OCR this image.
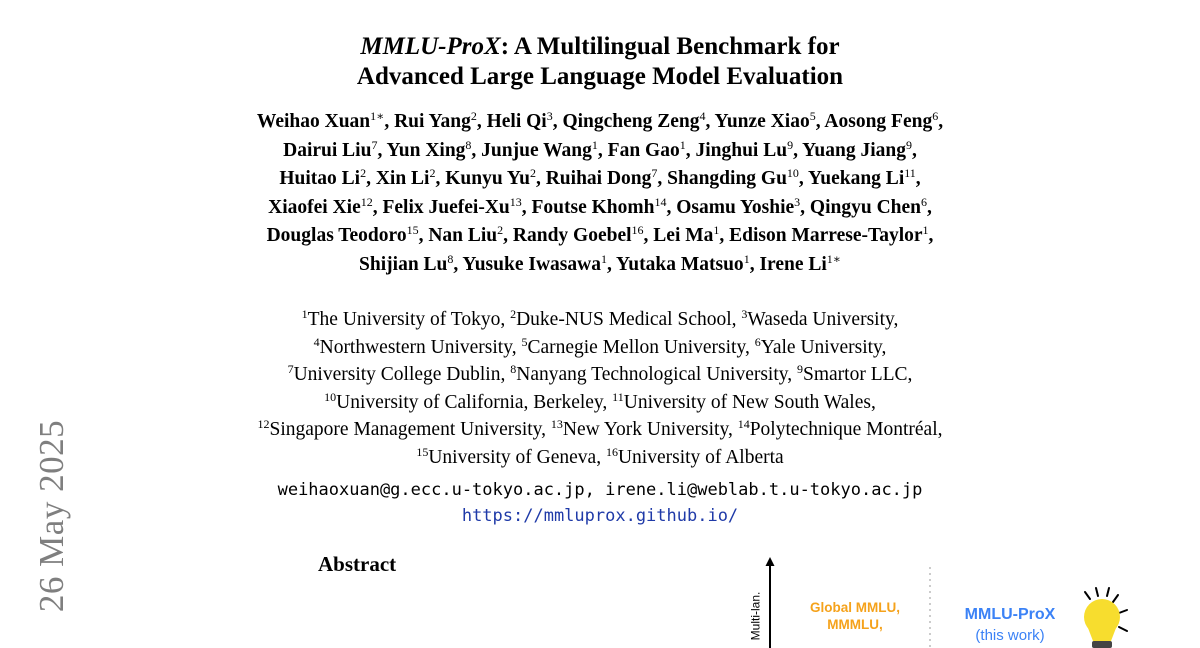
26 May 2025
MMLU-ProX: A Multilingual Benchmark for
Advanced Large Language Model Evaluation
Weihao Xuan$^{1∗}$, Rui Yang$^2$, Heli Qi$^3$, Qingcheng Zeng$^4$, Yunze Xiao$^5$, Aosong Feng$^6$,
Dairui Liu$^7$, Yun Xing$^8$, Junjue Wang$^1$, Fan Gao$^1$, Jinghui Lu$^9$, Yuang Jiang$^9$,
Huitao Li$^2$, Xin Li$^2$, Kunyu Yu$^2$, Ruihai Dong$^7$, Shangding Gu$^{10}$, Yuekang Li$^{11}$,
Xiaofei Xie$^{12}$, Felix Juefei-Xu$^{13}$, Foutse Khomh$^{14}$, Osamu Yoshie$^3$, Qingyu Chen$^6$,
Douglas Teodoro$^{15}$, Nan Liu$^2$, Randy Goebel$^{16}$, Lei Ma$^1$, Edison Marrese-Taylor$^1$,
Shijian Lu$^8$, Yusuke Iwasawa$^1$, Yutaka Matsuo$^1$, Irene $Li^{1∗}$
$^1$The University of Tokyo, $^2$Duke-NUS Medical School, $^3$Waseda University,
$^4$Northwestern University, $^5$Carnegie Mellon University, $^6$Yale University,
$^7$University College Dublin, $^8$Nanyang Technological University, $^9$Smartor LLC,
$^{10}$University of California, Berkeley, $^{11}$University of New South Wales,
$^{12}$Singapore Management University, $^{13}$New York University, $^{14}$Polytechnique Montréal,
$^{15}$University of Geneva, $^{16}$University of Alberta
weihaoxuan@g.ecc.u-tokyo.ac.jp, irene.li@weblab.t.u-tokyo.ac.jp
https://mmluprox.github.io/
Abstract
Multi-lan.	Global MMLU,
MMMLU,
MMLU-ProX
(this work)
